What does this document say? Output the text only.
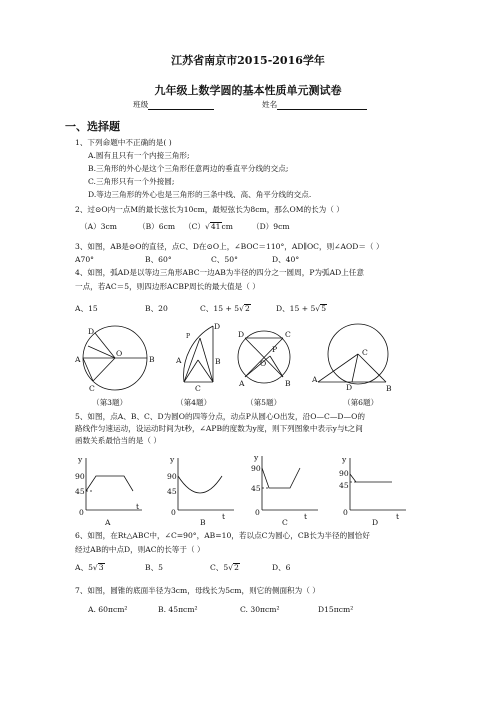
江苏省南京市2015-2016学年
九年级上数学圆的基本性质单元测试卷
班级	姓名
一、选择题
1、下列命题中不正确的是( )
A.圆有且只有一个内接三角形;
B.三角形的外心是这个三角形任意两边的垂直平分线的交点;
C.三角形只有一个外接圆;
D.等边三角形的外心也是三角形的三条中线、高、角平分线的交点.
2、过⊙O内一点M的最长弦长为10cm，最短弦长为8cm，那么OM的长为（ ）
（A）3cm	（B）6cm （C）√41cm	（D）9cm
3、如图，AB是⊙O的直径，点C、D在⊙O上，∠BOC＝110°，AD∥OC，则∠AOD＝（ ）
A70°	B、60°	C、50°	D、40°
4、如图，弧AD是以等边三角形ABC一边AB为半径的四分之一圆周，P为弧AD上任意
一点，若AC＝5，则四边形ACBP周长的最大值是（ ）
A、15	B、20	C、15 + 5√2	D、15 + 5√5
D
C
A
O
B
D
P
A
C
B
D	C
P
O
A	B
C
A
D	B
（第3题）	（第4题）	（第5题）	（第6题）
5、如图，点A、B、C、D为圆O的四等分点，动点P从圆心O出发，沿O—C—D—O的
路线作匀速运动，设运动时间为t秒，∠APB的度数为y度，则下列图象中表示y与t之间
函数关系最恰当的是（ ）
y
90
45
0
t
y
90
45
0	t
y
90
45
0	t
y
90
45
0	t
A	B	C	D
6、如图，在Rt△ABC中，∠C=90°，AB=10，若以点C为圆心，CB长为半径的圆恰好
经过AB的中点D，则AC的长等于（ ）
A、5√3	B、5	C、5√2	D、6
7、如图，圆锥的底面半径为3cm，母线长为5cm，则它的侧面积为（ ）
A. 60πcm²	B. 45πcm²	C. 30πcm²	D15πcm²
